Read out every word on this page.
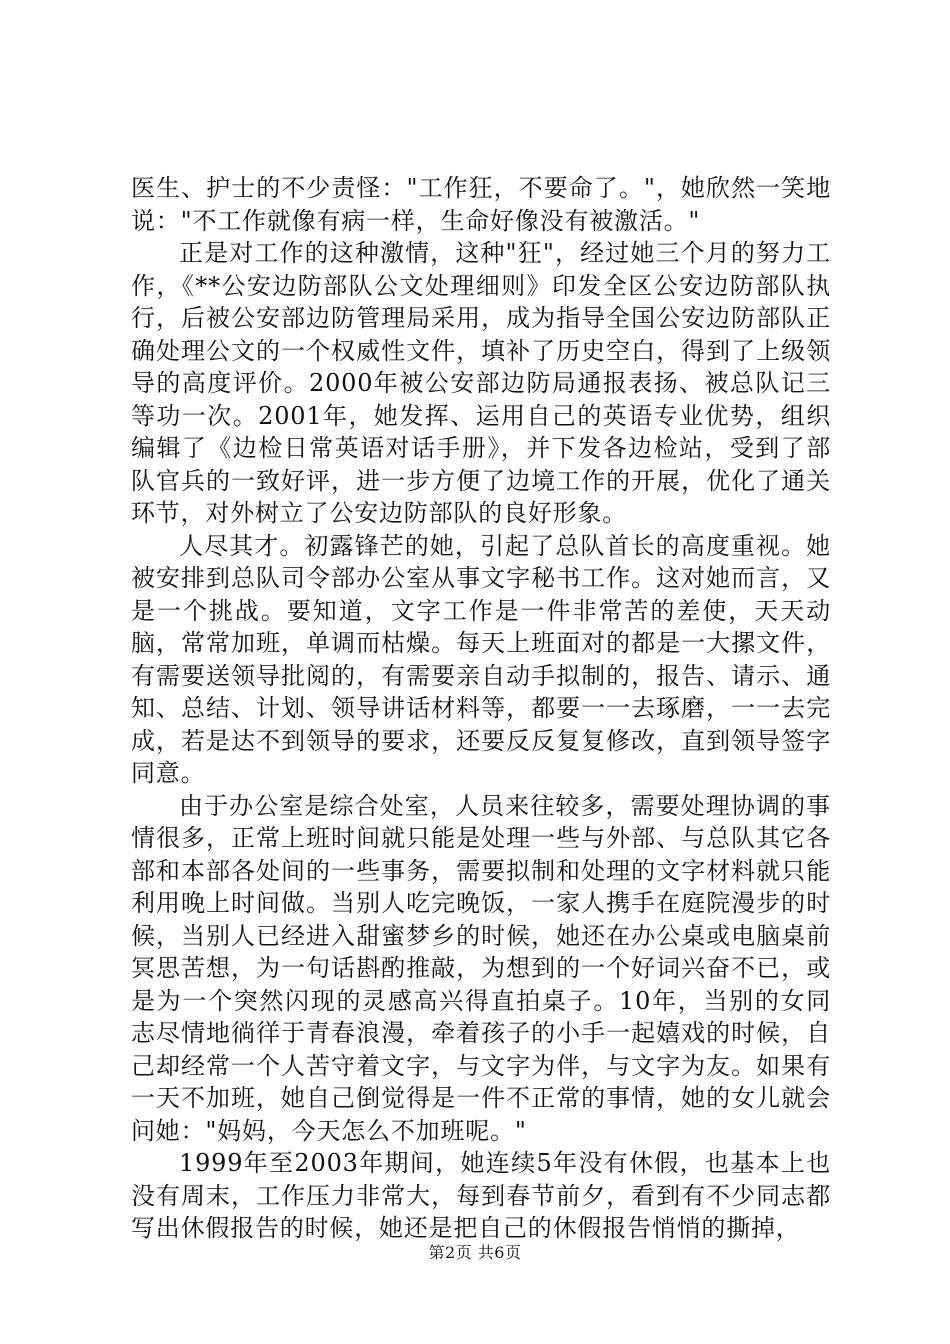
医生、护士的不少责怪："工作狂，不要命了。"，她欣然一笑地说："不工作就像有病一样，生命好像没有被激活。"

正是对工作的这种激情，这种"狂"，经过她三个月的努力工作，《**公安边防部队公文处理细则》印发全区公安边防部队执行，后被公安部边防管理局采用，成为指导全国公安边防部队正确处理公文的一个权威性文件，填补了历史空白，得到了上级领导的高度评价。2000年被公安部边防局通报表扬、被总队记三等功一次。2001年，她发挥、运用自己的英语专业优势，组织编辑了《边检日常英语对话手册》，并下发各边检站，受到了部队官兵的一致好评，进一步方便了边境工作的开展，优化了通关环节，对外树立了公安边防部队的良好形象。

人尽其才。初露锋芒的她，引起了总队首长的高度重视。她被安排到总队司令部办公室从事文字秘书工作。这对她而言，又是一个挑战。要知道，文字工作是一件非常苦的差使，天天动脑，常常加班，单调而枯燥。每天上班面对的都是一大摞文件，有需要送领导批阅的，有需要亲自动手拟制的，报告、请示、通知、总结、计划、领导讲话材料等，都要一一去琢磨，一一去完成，若是达不到领导的要求，还要反反复复修改，直到领导签字同意。

由于办公室是综合处室，人员来往较多，需要处理协调的事情很多，正常上班时间就只能是处理一些与外部、与总队其它各部和本部各处间的一些事务，需要拟制和处理的文字材料就只能利用晚上时间做。当别人吃完晚饭，一家人携手在庭院漫步的时候，当别人已经进入甜蜜梦乡的时候，她还在办公桌或电脑桌前冥思苦想，为一句话斟酌推敲，为想到的一个好词兴奋不已，或是为一个突然闪现的灵感高兴得直拍桌子。10年，当别的女同志尽情地徜徉于青春浪漫，牵着孩子的小手一起嬉戏的时候，自己却经常一个人苦守着文字，与文字为伴，与文字为友。如果有一天不加班，她自己倒觉得是一件不正常的事情，她的女儿就会问她："妈妈，今天怎么不加班呢。"

1999年至2003年期间，她连续5年没有休假，也基本上也没有周末，工作压力非常大，每到春节前夕，看到有不少同志都写出休假报告的时候，她还是把自己的休假报告悄悄的撕掉，

第2页 共6页
